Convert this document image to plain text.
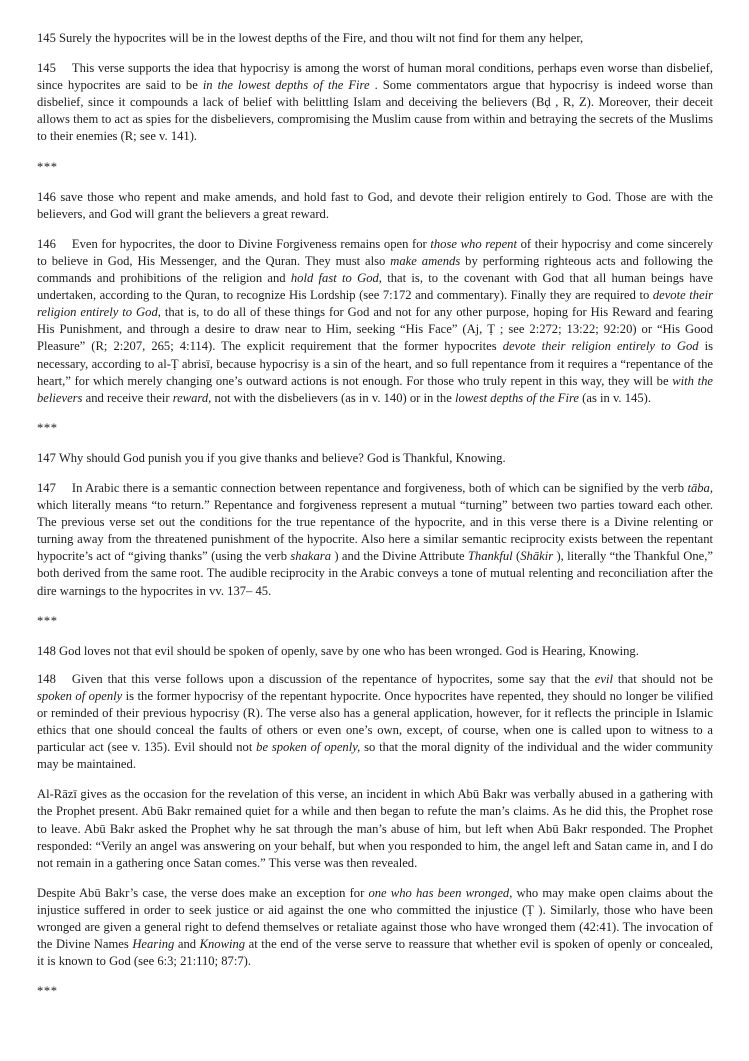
145 Surely the hypocrites will be in the lowest depths of the Fire, and thou wilt not find for them any helper,

145 This verse supports the idea that hypocrisy is among the worst of human moral conditions, perhaps even worse than disbelief, since hypocrites are said to be in the lowest depths of the Fire . Some commentators argue that hypocrisy is indeed worse than disbelief, since it compounds a lack of belief with belittling Islam and deceiving the believers (Bḍ , R, Z). Moreover, their deceit allows them to act as spies for the disbelievers, compromising the Muslim cause from within and betraying the secrets of the Muslims to their enemies (R; see v. 141).

***

146 save those who repent and make amends, and hold fast to God, and devote their religion entirely to God. Those are with the believers, and God will grant the believers a great reward.

146 Even for hypocrites, the door to Divine Forgiveness remains open for those who repent of their hypocrisy and come sincerely to believe in God, His Messenger, and the Quran. They must also make amends by performing righteous acts and following the commands and prohibitions of the religion and hold fast to God, that is, to the covenant with God that all human beings have undertaken, according to the Quran, to recognize His Lordship (see 7:172 and commentary). Finally they are required to devote their religion entirely to God, that is, to do all of these things for God and not for any other purpose, hoping for His Reward and fearing His Punishment, and through a desire to draw near to Him, seeking “His Face” (Aj, Ṭ ; see 2:272; 13:22; 92:20) or “His Good Pleasure” (R; 2:207, 265; 4:114). The explicit requirement that the former hypocrites devote their religion entirely to God is necessary, according to al-Ṭ abrisī, because hypocrisy is a sin of the heart, and so full repentance from it requires a “repentance of the heart,” for which merely changing one’s outward actions is not enough. For those who truly repent in this way, they will be with the believers and receive their reward, not with the disbelievers (as in v. 140) or in the lowest depths of the Fire (as in v. 145).

***

147 Why should God punish you if you give thanks and believe? God is Thankful, Knowing.

147 In Arabic there is a semantic connection between repentance and forgiveness, both of which can be signified by the verb tāba, which literally means “to return.” Repentance and forgiveness represent a mutual “turning” between two parties toward each other. The previous verse set out the conditions for the true repentance of the hypocrite, and in this verse there is a Divine relenting or turning away from the threatened punishment of the hypocrite. Also here a similar semantic reciprocity exists between the repentant hypocrite’s act of “giving thanks” (using the verb shakara ) and the Divine Attribute Thankful (Shākir ), literally “the Thankful One,” both derived from the same root. The audible reciprocity in the Arabic conveys a tone of mutual relenting and reconciliation after the dire warnings to the hypocrites in vv. 137– 45.

***

148 God loves not that evil should be spoken of openly, save by one who has been wronged. God is Hearing, Knowing.

148 Given that this verse follows upon a discussion of the repentance of hypocrites, some say that the evil that should not be spoken of openly is the former hypocrisy of the repentant hypocrite. Once hypocrites have repented, they should no longer be vilified or reminded of their previous hypocrisy (R). The verse also has a general application, however, for it reflects the principle in Islamic ethics that one should conceal the faults of others or even one’s own, except, of course, when one is called upon to witness to a particular act (see v. 135). Evil should not be spoken of openly, so that the moral dignity of the individual and the wider community may be maintained.

Al-Rāzī gives as the occasion for the revelation of this verse, an incident in which Abū Bakr was verbally abused in a gathering with the Prophet present. Abū Bakr remained quiet for a while and then began to refute the man’s claims. As he did this, the Prophet rose to leave. Abū Bakr asked the Prophet why he sat through the man’s abuse of him, but left when Abū Bakr responded. The Prophet responded: “Verily an angel was answering on your behalf, but when you responded to him, the angel left and Satan came in, and I do not remain in a gathering once Satan comes.” This verse was then revealed.

Despite Abū Bakr’s case, the verse does make an exception for one who has been wronged, who may make open claims about the injustice suffered in order to seek justice or aid against the one who committed the injustice (Ṭ ). Similarly, those who have been wronged are given a general right to defend themselves or retaliate against those who have wronged them (42:41). The invocation of the Divine Names Hearing and Knowing at the end of the verse serve to reassure that whether evil is spoken of openly or concealed, it is known to God (see 6:3; 21:110; 87:7).

***
